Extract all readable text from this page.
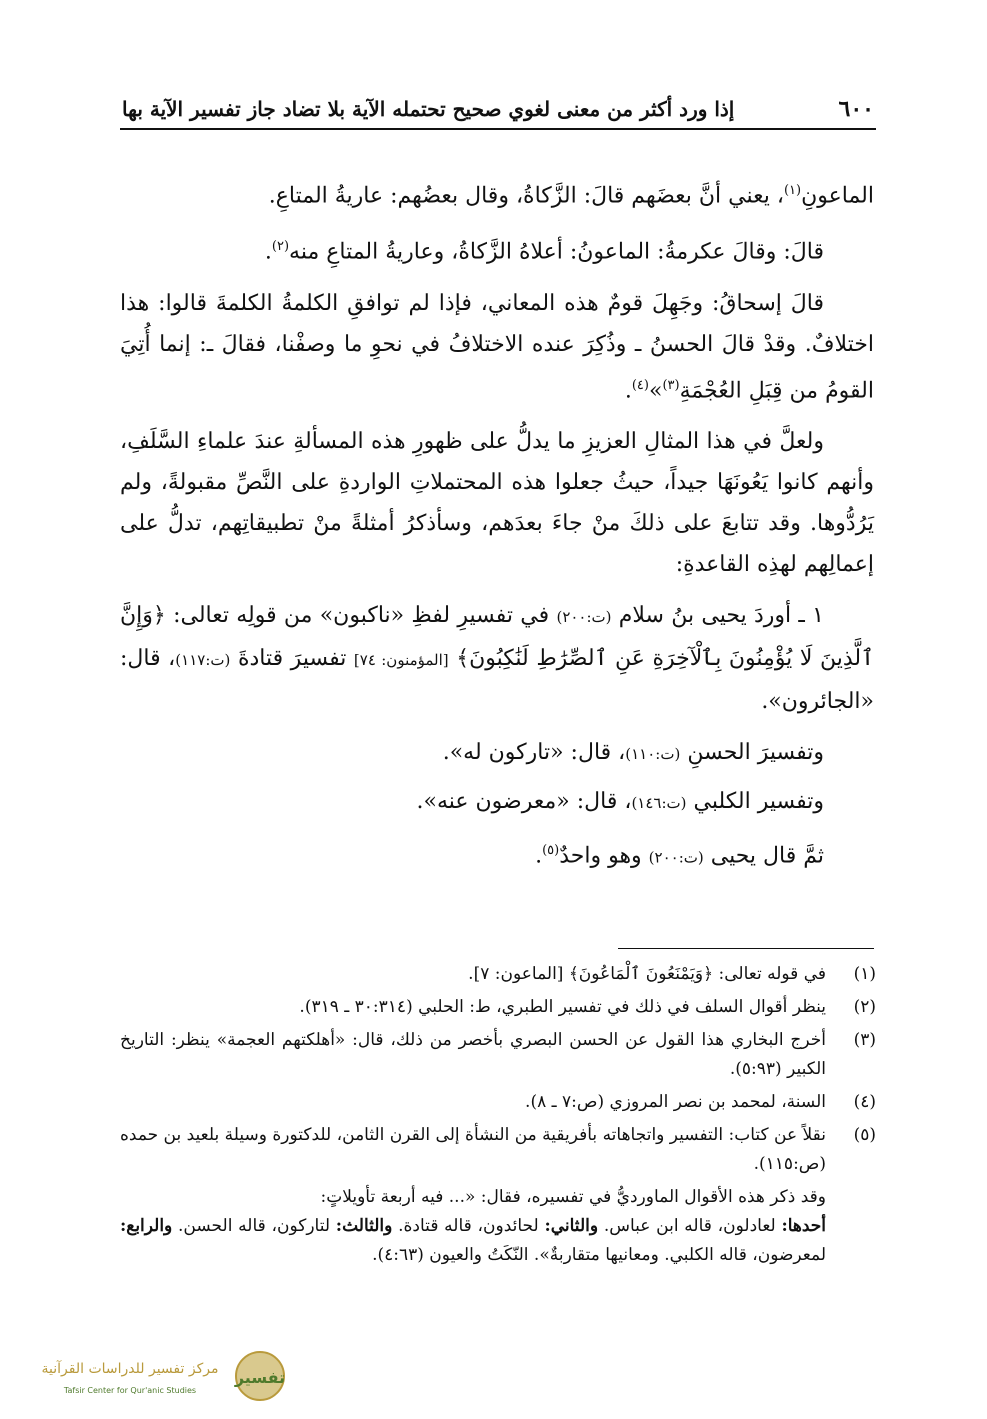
٦٠٠
إذا ورد أكثر من معنى لغوي صحيح تحتمله الآية بلا تضاد جاز تفسير الآية بها

الماعونِ$^{(١)}$، يعني أنَّ بعضَهم قالَ: الزَّكاةُ، وقال بعضُهم: عاريةُ المتاعِ.

قالَ: وقالَ عكرمةُ: الماعونُ: أعلاهُ الزَّكاةُ، وعاريةُ المتاعِ منه$^{(٢)}$.

قالَ إسحاقُ: وجَهِلَ قومٌ هذه المعاني، فإذا لم توافقِ الكلمةُ الكلمةَ قالوا: هذا اختلافٌ. وقدْ قالَ الحسنُ ـ وذُكِرَ عنده الاختلافُ في نحوِ ما وصفْنا، فقالَ ـ: إنما أُتِيَ القومُ من قِبَلِ العُجْمَةِ$^{(٣)}$»$^{(٤)}$.

ولعلَّ في هذا المثالِ العزيزِ ما يدلُّ على ظهورِ هذه المسألةِ عندَ علماءِ السَّلَفِ، وأنهم كانوا يَعُونَهَا جيداً، حيثُ جعلوا هذه المحتملاتِ الواردةِ على النَّصِّ مقبولةً، ولم يَرُدُّوها. وقد تتابعَ على ذلكَ منْ جاءَ بعدَهم، وسأذكرُ أمثلةً منْ تطبيقاتِهم، تدلُّ على إعمالِهم لهذِه القاعدةِ:

١ ـ أوردَ يحيى بنُ سلام (ت:٢٠٠) في تفسيرِ لفظِ «ناكبون» من قولِه تعالى: ﴿وَإِنَّ ٱلَّذِينَ لَا يُؤْمِنُونَ بِٱلْآخِرَةِ عَنِ ٱلصِّرَٰطِ لَنَٰكِبُونَ﴾ [المؤمنون: ٧٤] تفسيرَ قتادةَ (ت:١١٧)، قال: «الجائرون».

وتفسيرَ الحسنِ (ت:١١٠)، قال: «تاركون له».

وتفسير الكلبي (ت:١٤٦)، قال: «معرضون عنه».

ثمَّ قال يحيى (ت:٢٠٠) وهو واحدٌ$^{(٥)}$.

(١)
في قوله تعالى: ﴿وَيَمْنَعُونَ ٱلْمَاعُونَ﴾ [الماعون: ٧].
(٢)
ينظر أقوال السلف في ذلك في تفسير الطبري، ط: الحلبي (٣٠:٣١٤ ـ ٣١٩).
(٣)
أخرج البخاري هذا القول عن الحسن البصري بأخصر من ذلك، قال: «أهلكتهم العجمة» ينظر: التاريخ الكبير (٥:٩٣).
(٤)
السنة، لمحمد بن نصر المروزي (ص:٧ ـ ٨).
(٥)
نقلاً عن كتاب: التفسير واتجاهاته بأفريقية من النشأة إلى القرن الثامن، للدكتورة وسيلة بلعيد بن حمده (ص:١١٥).
وقد ذكر هذه الأقوال الماورديُّ في تفسيره، فقال: «... فيه أربعة تأويلاتٍ:
أحدها: لعادلون، قاله ابن عباس. والثاني: لحائدون، قاله قتادة. والثالث: لتاركون، قاله الحسن. والرابع: لمعرضون، قاله الكلبي. ومعانيها متقاربةٌ». النّكَتُ والعيون (٤:٦٣).
تفسير
مركز تفسير للدراسات القرآنية
Tafsir Center for Qur'anic Studies
